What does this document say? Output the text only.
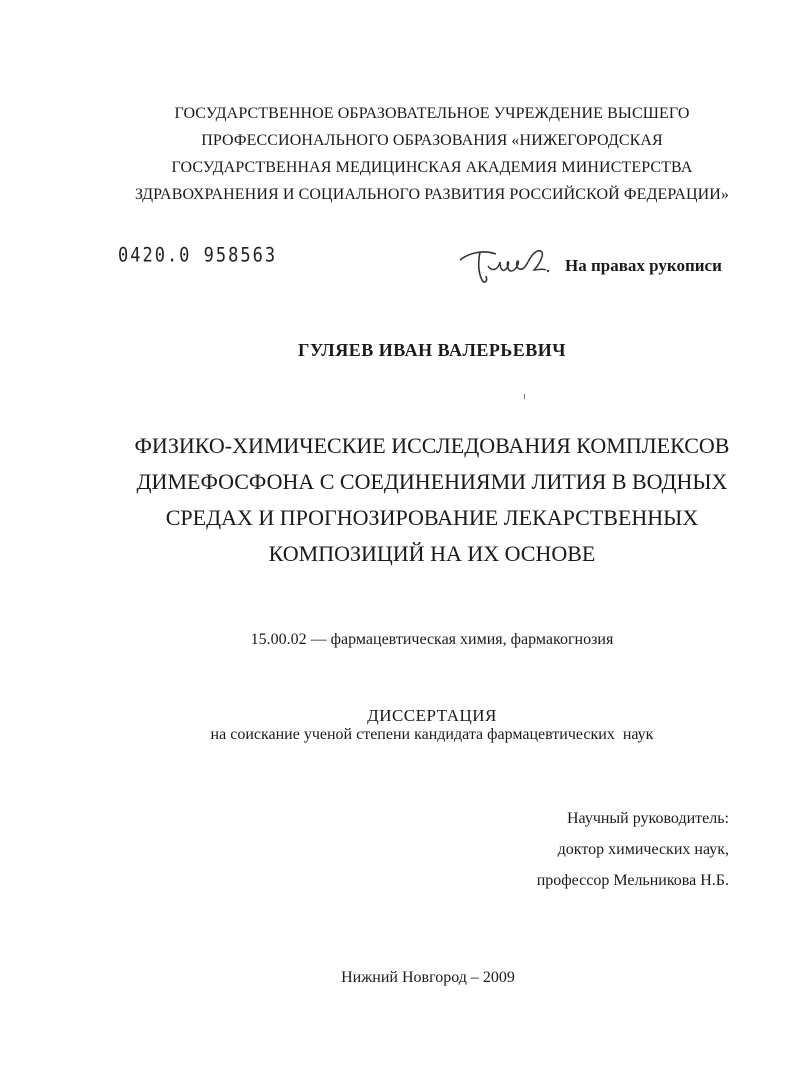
ГОСУДАРСТВЕННОЕ ОБРАЗОВАТЕЛЬНОЕ УЧРЕЖДЕНИЕ ВЫСШЕГО
ПРОФЕССИОНАЛЬНОГО ОБРАЗОВАНИЯ «НИЖЕГОРОДСКАЯ
ГОСУДАРСТВЕННАЯ МЕДИЦИНСКАЯ АКАДЕМИЯ МИНИСТЕРСТВА
ЗДРАВОХРАНЕНИЯ И СОЦИАЛЬНОГО РАЗВИТИЯ РОССИЙСКОЙ ФЕДЕРАЦИИ»
0420.0 958563	На правах рукописи
ГУЛЯЕВ ИВАН ВАЛЕРЬЕВИЧ
ФИЗИКО-ХИМИЧЕСКИЕ ИССЛЕДОВАНИЯ КОМПЛЕКСОВ
ДИМЕФОСФОНА С СОЕДИНЕНИЯМИ ЛИТИЯ В ВОДНЫХ
СРЕДАХ И ПРОГНОЗИРОВАНИЕ ЛЕКАРСТВЕННЫХ
КОМПОЗИЦИЙ НА ИХ ОСНОВЕ
15.00.02 — фармацевтическая химия, фармакогнозия
ДИССЕРТАЦИЯ
на соискание ученой степени кандидата фармацевтических  наук
Научный руководитель:
доктор химических наук,
профессор Мельникова Н.Б.
Нижний Новгород – 2009
